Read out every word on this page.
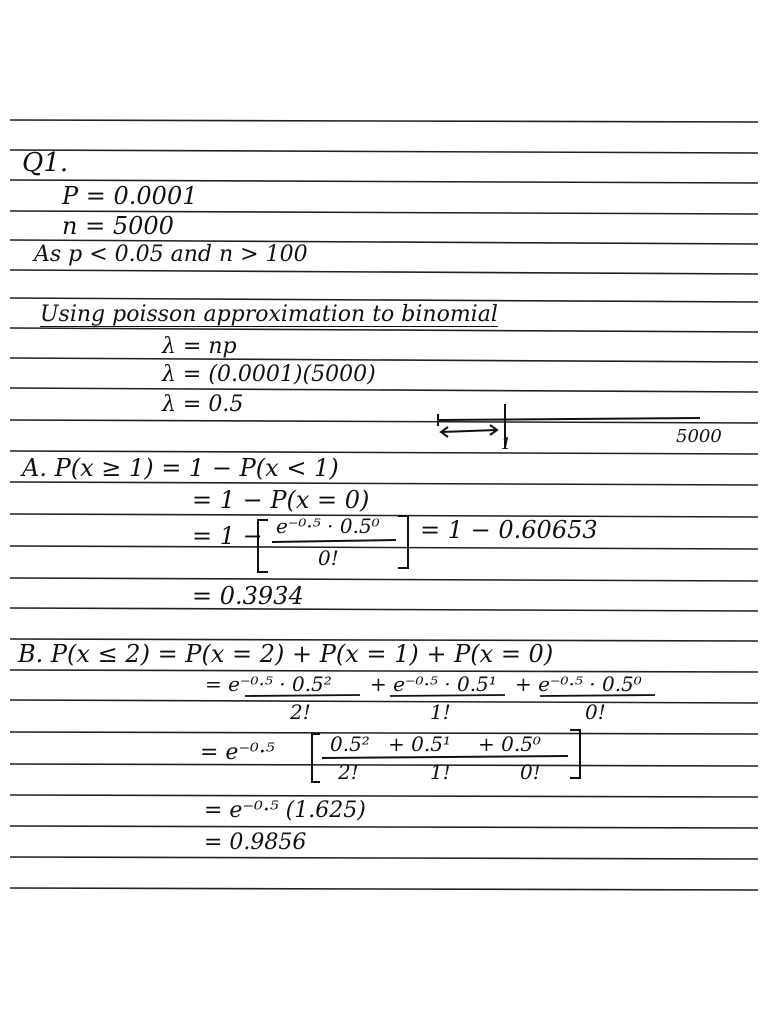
Q1.
P = 0.0001
n = 5000
As p < 0.05 and n > 100
Using poisson approximation to binomial
λ = np
λ = (0.0001)(5000)
λ = 0.5
1	5000
A. P(x ≥ 1) = 1 − P(x < 1)
= 1 − P(x = 0)
= 1 − e⁻⁰·⁵ · 0.5⁰
0!
= 1 − 0.60653
= 0.3934
B. P(x ≤ 2) = P(x = 2) + P(x = 1) + P(x = 0)
= e⁻⁰·⁵ · 0.5²
2!
+ e⁻⁰·⁵ · 0.5¹
1!
+ e⁻⁰·⁵ · 0.5⁰
0!
= e⁻⁰·⁵	0.5² + 0.5¹ + 0.5⁰
2!	1!	0!
= e⁻⁰·⁵ (1.625)
= 0.9856
